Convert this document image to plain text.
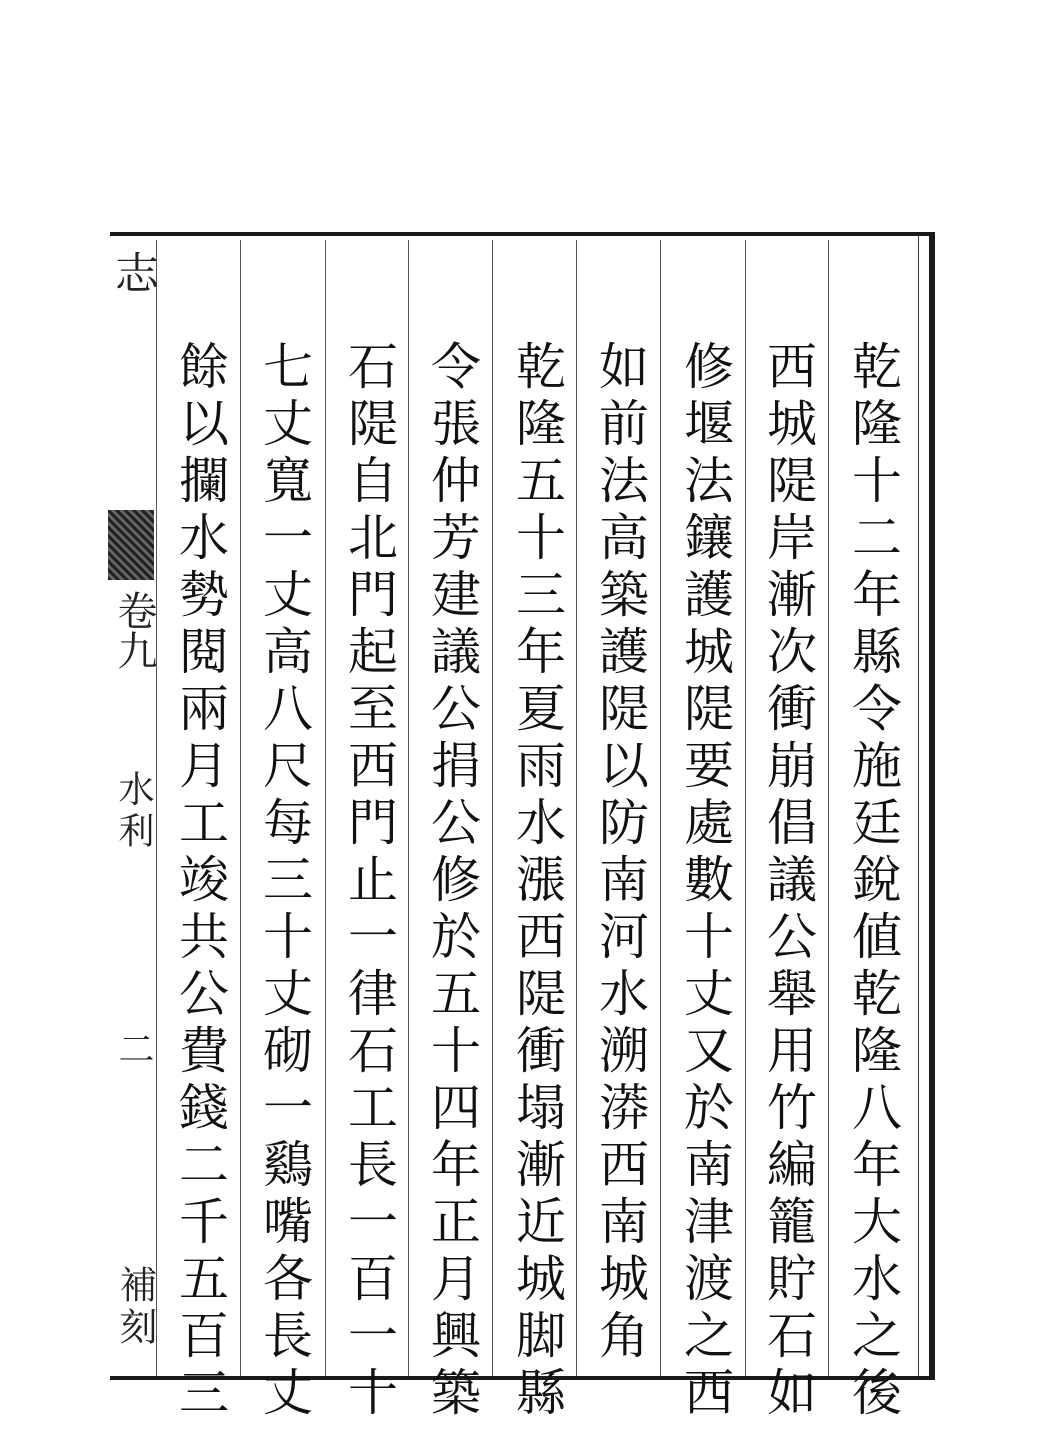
志
卷九
水利
二
補刻	乾隆十二年縣令施廷銳値乾隆八年大水之後
西城隄岸漸次衝崩倡議公舉用竹編籠貯石如
修堰法鑲護城隄要處數十丈又於南津渡之西
如前法高築護隄以防南河水溯漭西南城角
乾隆五十三年夏雨水漲西隄衝塌漸近城脚縣
令張仲芳建議公捐公修於五十四年正月興築
石隄自北門起至西門止一律石工長一百一十
七丈寬一丈高八尺每三十丈砌一鷄嘴各長丈
餘以攔水勢閱兩月工竣共公費錢二千五百三
